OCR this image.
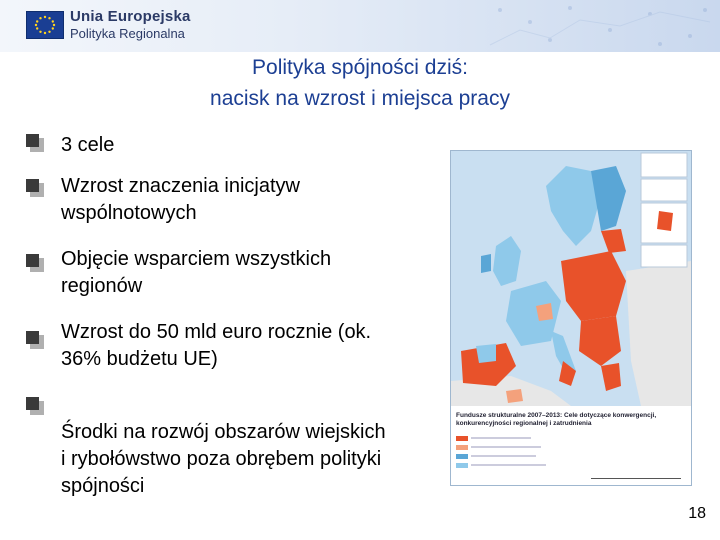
Unia Europejska
Polityka Regionalna
Polityka spójności dziś:
nacisk na wzrost i miejsca pracy
3 cele
Wzrost znaczenia inicjatyw wspólnotowych
Objęcie wsparciem wszystkich regionów
Wzrost do 50 mld euro rocznie (ok. 36% budżetu UE)
Środki na rozwój obszarów wiejskich i rybołówstwo poza obrębem polityki spójności
Fundusze strukturalne 2007–2013: Cele dotyczące konwergencji, konkurencyjności regionalnej i zatrudnienia
18
